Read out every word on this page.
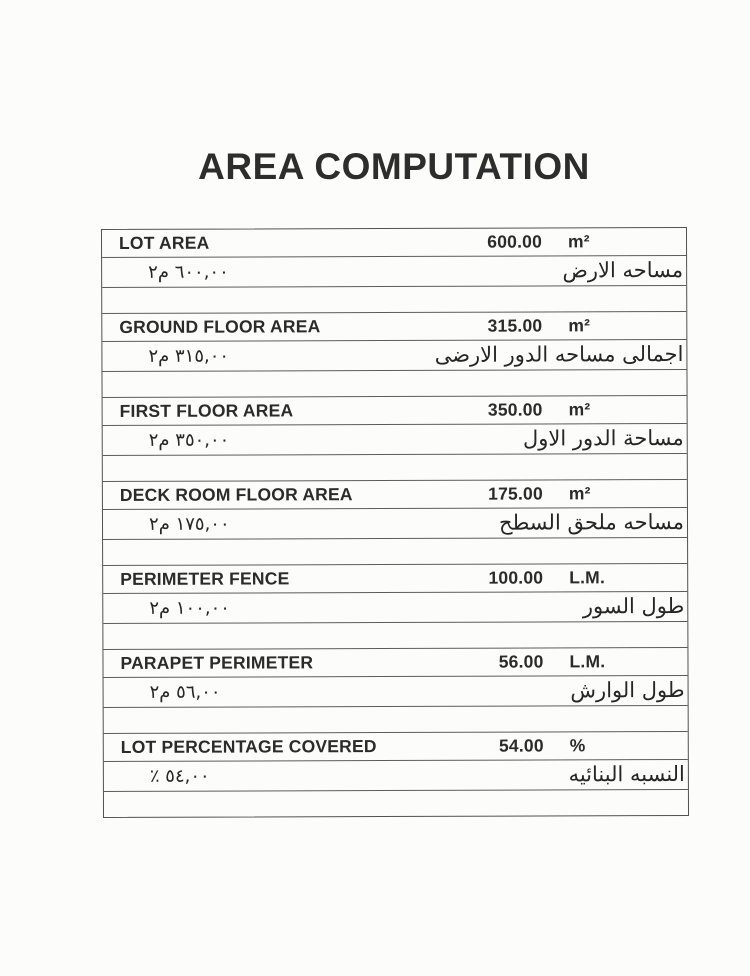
AREA COMPUTATION
LOT AREA	600.00 m²
مساحه الارض
٦٠٠,٠٠ م٢
GROUND FLOOR AREA	315.00 m²
اجمالى مساحه الدور الارضى
٣١٥,٠٠ م٢
FIRST FLOOR AREA	350.00 m²
مساحة الدور الاول
٣٥٠,٠٠ م٢
DECK ROOM FLOOR AREA	175.00 m²
مساحه ملحق السطح
١٧٥,٠٠ م٢
PERIMETER FENCE	100.00 L.M.
طول السور
١٠٠,٠٠ م٢
PARAPET PERIMETER	56.00 L.M.
طول الوارش
٥٦,٠٠ م٢
LOT PERCENTAGE COVERED	54.00 %
النسبه البنائيه
٥٤,٠٠ ٪
